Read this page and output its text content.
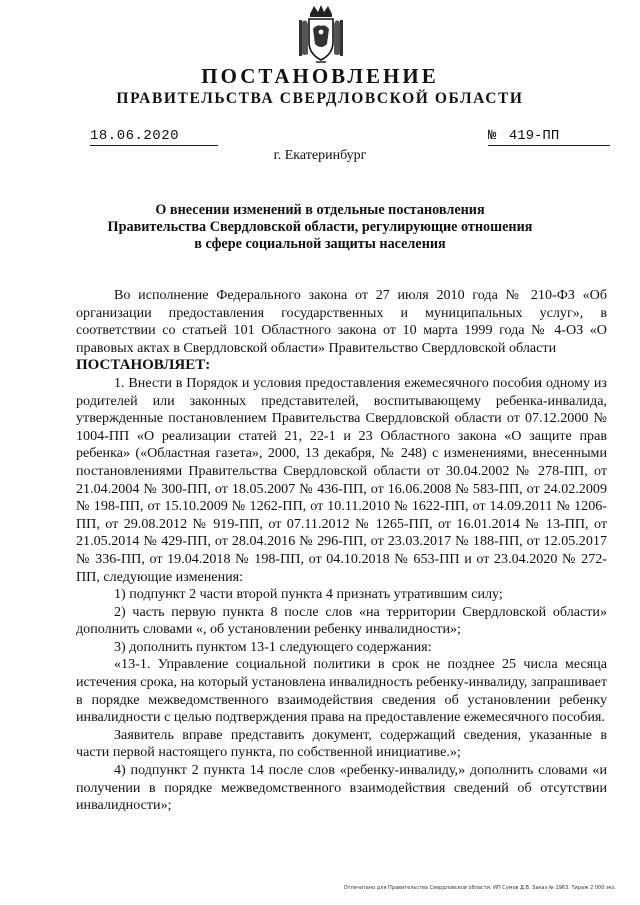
ПОСТАНОВЛЕНИЕ
ПРАВИТЕЛЬСТВА СВЕРДЛОВСКОЙ ОБЛАСТИ
18.06.2020	№ 419-ПП
г. Екатеринбург
О внесении изменений в отдельные постановления
Правительства Свердловской области, регулирующие отношения
в сфере социальной защиты населения

Во исполнение Федерального закона от 27 июля 2010 года № 210-ФЗ «Об организации предоставления государственных и муниципальных услуг», в соответствии со статьей 101 Областного закона от 10 марта 1999 года № 4-ОЗ «О правовых актах в Свердловской области» Правительство Свердловской области

ПОСТАНОВЛЯЕТ:

1. Внести в Порядок и условия предоставления ежемесячного пособия одному из родителей или законных представителей, воспитывающему ребенка-инвалида, утвержденные постановлением Правительства Свердловской области от 07.12.2000 № 1004-ПП «О реализации статей 21, 22-1 и 23 Областного закона «О защите прав ребенка» («Областная газета», 2000, 13 декабря, № 248) с изменениями, внесенными постановлениями Правительства Свердловской области от 30.04.2002 № 278-ПП, от 21.04.2004 № 300-ПП, от 18.05.2007 № 436-ПП, от 16.06.2008 № 583-ПП, от 24.02.2009 № 198-ПП, от 15.10.2009 № 1262-ПП, от 10.11.2010 № 1622-ПП, от 14.09.2011 № 1206-ПП, от 29.08.2012 № 919-ПП, от 07.11.2012 № 1265-ПП, от 16.01.2014 № 13-ПП, от 21.05.2014 № 429-ПП, от 28.04.2016 № 296-ПП, от 23.03.2017 № 188-ПП, от 12.05.2017 № 336-ПП, от 19.04.2018 № 198-ПП, от 04.10.2018 № 653-ПП и от 23.04.2020 № 272-ПП, следующие изменения:

1) подпункт 2 части второй пункта 4 признать утратившим силу;

2) часть первую пункта 8 после слов «на территории Свердловской области» дополнить словами «, об установлении ребенку инвалидности»;

3) дополнить пунктом 13-1 следующего содержания:

«13-1. Управление социальной политики в срок не позднее 25 числа месяца истечения срока, на который установлена инвалидность ребенку-инвалиду, запрашивает в порядке межведомственного взаимодействия сведения об установлении ребенку инвалидности с целью подтверждения права на предоставление ежемесячного пособия.

Заявитель вправе представить документ, содержащий сведения, указанные в части первой настоящего пункта, по собственной инициативе.»;

4) подпункт 2 пункта 14 после слов «ребенку-инвалиду,» дополнить словами «и получении в порядке межведомственного взаимодействия сведений об отсутствии инвалидности»;

Отпечатано для Правительства Свердловской области. ИП Сумов Д.В. Заказ № 1963. Тираж 2 000 экз.
